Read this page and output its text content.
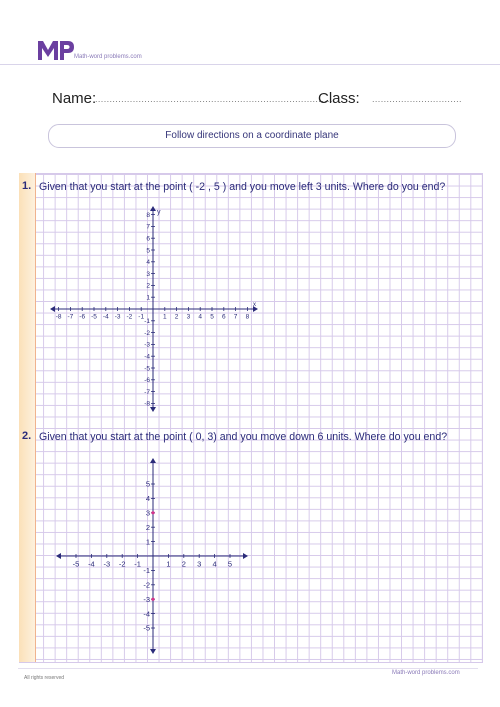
Math-word problems.com
Name:
...................................................................................
Class: ...............................
Follow directions on a coordinate plane
1. Given that you start at the point ( -2 , 5 ) and you move left 3 units. Where do you end?
x
y
-8 -7 -6 -5 -4 -3 -2 -1	1 2 3 4 5 6 7 8
8
7
6
5
4
3
2
1
-1
-2
-3
-4
-5
-6
-7
-8
2. Given that you start at the point ( 0, 3) and you move down 6 units. Where do you end?
-5 -4 -3 -2 -1	1 2 3 4 5
5
4
3
2
1
-1
-2
-3
-4
-5
All rights reserved
Math-word problems.com
